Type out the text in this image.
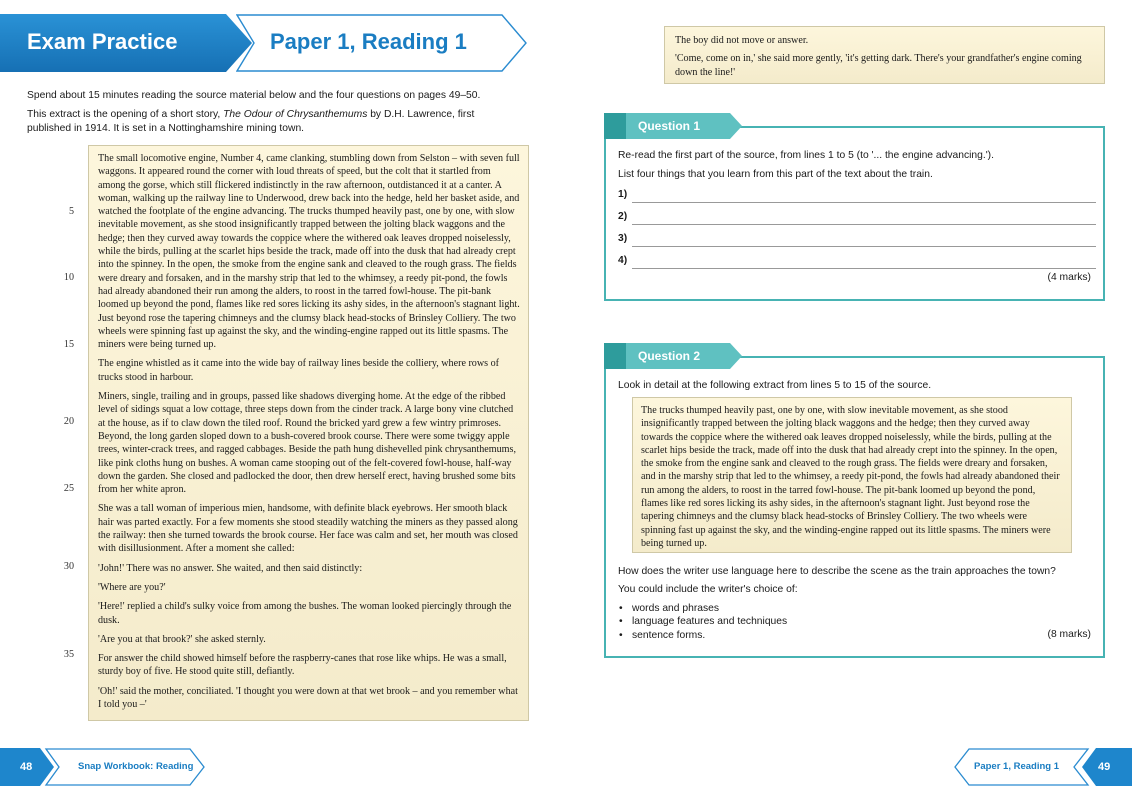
Exam Practice	Paper 1, Reading 1
Spend about 15 minutes reading the source material below and the four questions on pages 49–50.
This extract is the opening of a short story, The Odour of Chrysanthemums by D.H. Lawrence, first published in 1914. It is set in a Nottinghamshire mining town.
5
10
15
20
25
30
35

The small locomotive engine, Number 4, came clanking, stumbling down from Selston – with seven full waggons. It appeared round the corner with loud threats of speed, but the colt that it startled from among the gorse, which still flickered indistinctly in the raw afternoon, outdistanced it at a canter. A woman, walking up the railway line to Underwood, drew back into the hedge, held her basket aside, and watched the footplate of the engine advancing. The trucks thumped heavily past, one by one, with slow inevitable movement, as she stood insignificantly trapped between the jolting black waggons and the hedge; then they curved away towards the coppice where the withered oak leaves dropped noiselessly, while the birds, pulling at the scarlet hips beside the track, made off into the dusk that had already crept into the spinney. In the open, the smoke from the engine sank and cleaved to the rough grass. The fields were dreary and forsaken, and in the marshy strip that led to the whimsey, a reedy pit-pond, the fowls had already abandoned their run among the alders, to roost in the tarred fowl-house. The pit-bank loomed up beyond the pond, flames like red sores licking its ashy sides, in the afternoon's stagnant light. Just beyond rose the tapering chimneys and the clumsy black head-stocks of Brinsley Colliery. The two wheels were spinning fast up against the sky, and the winding-engine rapped out its little spasms. The miners were being turned up.

The engine whistled as it came into the wide bay of railway lines beside the colliery, where rows of trucks stood in harbour.

Miners, single, trailing and in groups, passed like shadows diverging home. At the edge of the ribbed level of sidings squat a low cottage, three steps down from the cinder track. A large bony vine clutched at the house, as if to claw down the tiled roof. Round the bricked yard grew a few wintry primroses. Beyond, the long garden sloped down to a bush-covered brook course. There were some twiggy apple trees, winter-crack trees, and ragged cabbages. Beside the path hung dishevelled pink chrysanthemums, like pink cloths hung on bushes. A woman came stooping out of the felt-covered fowl-house, half-way down the garden. She closed and padlocked the door, then drew herself erect, having brushed some bits from her white apron.

She was a tall woman of imperious mien, handsome, with definite black eyebrows. Her smooth black hair was parted exactly. For a few moments she stood steadily watching the miners as they passed along the railway: then she turned towards the brook course. Her face was calm and set, her mouth was closed with disillusionment. After a moment she called:

'John!' There was no answer. She waited, and then said distinctly:

'Where are you?'

'Here!' replied a child's sulky voice from among the bushes. The woman looked piercingly through the dusk.

'Are you at that brook?' she asked sternly.

For answer the child showed himself before the raspberry-canes that rose like whips. He was a small, sturdy boy of five. He stood quite still, defiantly.

'Oh!' said the mother, conciliated. 'I thought you were down at that wet brook – and you remember what I told you –'

The boy did not move or answer.

'Come, come on in,' she said more gently, 'it's getting dark. There's your grandfather's engine coming down the line!'

Question 1
Re-read the first part of the source, from lines 1 to 5 (to '... the engine advancing.').
List four things that you learn from this part of the text about the train.
1)
2)
3)
4)
(4 marks)
Question 2
Look in detail at the following extract from lines 5 to 15 of the source.
The trucks thumped heavily past, one by one, with slow inevitable movement, as she stood insignificantly trapped between the jolting black waggons and the hedge; then they curved away towards the coppice where the withered oak leaves dropped noiselessly, while the birds, pulling at the scarlet hips beside the track, made off into the dusk that had already crept into the spinney. In the open, the smoke from the engine sank and cleaved to the rough grass. The fields were dreary and forsaken, and in the marshy strip that led to the whimsey, a reedy pit-pond, the fowls had already abandoned their run among the alders, to roost in the tarred fowl-house. The pit-bank loomed up beyond the pond, flames like red sores licking its ashy sides, in the afternoon's stagnant light. Just beyond rose the tapering chimneys and the clumsy black head-stocks of Brinsley Colliery. The two wheels were spinning fast up against the sky, and the winding-engine rapped out its little spasms. The miners were being turned up.
How does the writer use language here to describe the scene as the train approaches the town?
You could include the writer's choice of:
• words and phrases
• language features and techniques
• sentence forms.	(8 marks)
48	Snap Workbook: Reading	Paper 1, Reading 1	49
